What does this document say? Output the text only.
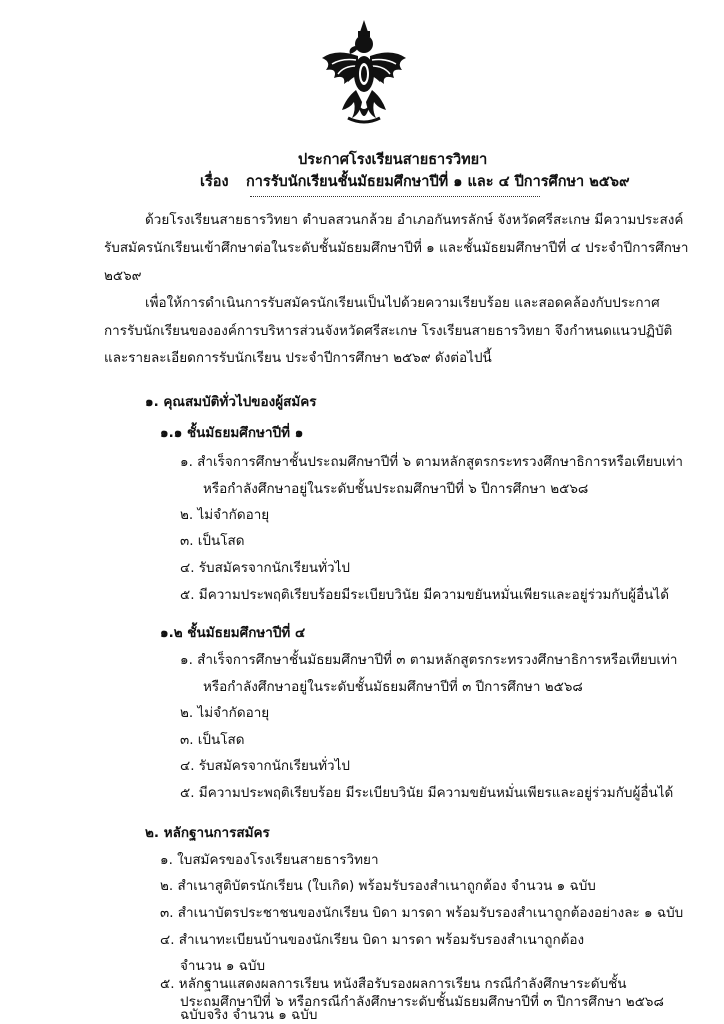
ประกาศโรงเรียนสายธารวิทยา
เรื่อง การรับนักเรียนชั้นมัธยมศึกษาปีที่ ๑ และ ๔ ปีการศึกษา ๒๕๖๙
ด้วยโรงเรียนสายธารวิทยา ตำบลสวนกล้วย อำเภอกันทรลักษ์ จังหวัดศรีสะเกษ มีความประสงค์
รับสมัครนักเรียนเข้าศึกษาต่อในระดับชั้นมัธยมศึกษาปีที่ ๑ และชั้นมัธยมศึกษาปีที่ ๔ ประจำปีการศึกษา
๒๕๖๙
เพื่อให้การดำเนินการรับสมัครนักเรียนเป็นไปด้วยความเรียบร้อย และสอดคล้องกับประกาศ
การรับนักเรียนขององค์การบริหารส่วนจังหวัดศรีสะเกษ โรงเรียนสายธารวิทยา จึงกำหนดแนวปฏิบัติ
และรายละเอียดการรับนักเรียน ประจำปีการศึกษา ๒๕๖๙ ดังต่อไปนี้
๑. คุณสมบัติทั่วไปของผู้สมัคร
๑.๑ ชั้นมัธยมศึกษาปีที่ ๑
๑. สำเร็จการศึกษาชั้นประถมศึกษาปีที่ ๖ ตามหลักสูตรกระทรวงศึกษาธิการหรือเทียบเท่า
หรือกำลังศึกษาอยู่ในระดับชั้นประถมศึกษาปีที่ ๖ ปีการศึกษา ๒๕๖๘
๒. ไม่จำกัดอายุ
๓. เป็นโสด
๔. รับสมัครจากนักเรียนทั่วไป
๕. มีความประพฤติเรียบร้อยมีระเบียบวินัย มีความขยันหมั่นเพียรและอยู่ร่วมกับผู้อื่นได้
๑.๒ ชั้นมัธยมศึกษาปีที่ ๔
๑. สำเร็จการศึกษาชั้นมัธยมศึกษาปีที่ ๓ ตามหลักสูตรกระทรวงศึกษาธิการหรือเทียบเท่า
หรือกำลังศึกษาอยู่ในระดับชั้นมัธยมศึกษาปีที่ ๓ ปีการศึกษา ๒๕๖๘
๒. ไม่จำกัดอายุ
๓. เป็นโสด
๔. รับสมัครจากนักเรียนทั่วไป
๕. มีความประพฤติเรียบร้อย มีระเบียบวินัย มีความขยันหมั่นเพียรและอยู่ร่วมกับผู้อื่นได้
๒. หลักฐานการสมัคร
๑. ใบสมัครของโรงเรียนสายธารวิทยา
๒. สำเนาสูติบัตรนักเรียน (ใบเกิด) พร้อมรับรองสำเนาถูกต้อง จำนวน ๑ ฉบับ
๓. สำเนาบัตรประชาชนของนักเรียน บิดา มารดา พร้อมรับรองสำเนาถูกต้องอย่างละ ๑ ฉบับ
๔. สำเนาทะเบียนบ้านของนักเรียน บิดา มารดา พร้อมรับรองสำเนาถูกต้อง
จำนวน ๑ ฉบับ
๕. หลักฐานแสดงผลการเรียน หนังสือรับรองผลการเรียน กรณีกำลังศึกษาระดับชั้น
ประถมศึกษาปีที่ ๖ หรือกรณีกำลังศึกษาระดับชั้นมัธยมศึกษาปีที่ ๓ ปีการศึกษา ๒๕๖๘
ฉบับจริง จำนวน ๑ ฉบับ
